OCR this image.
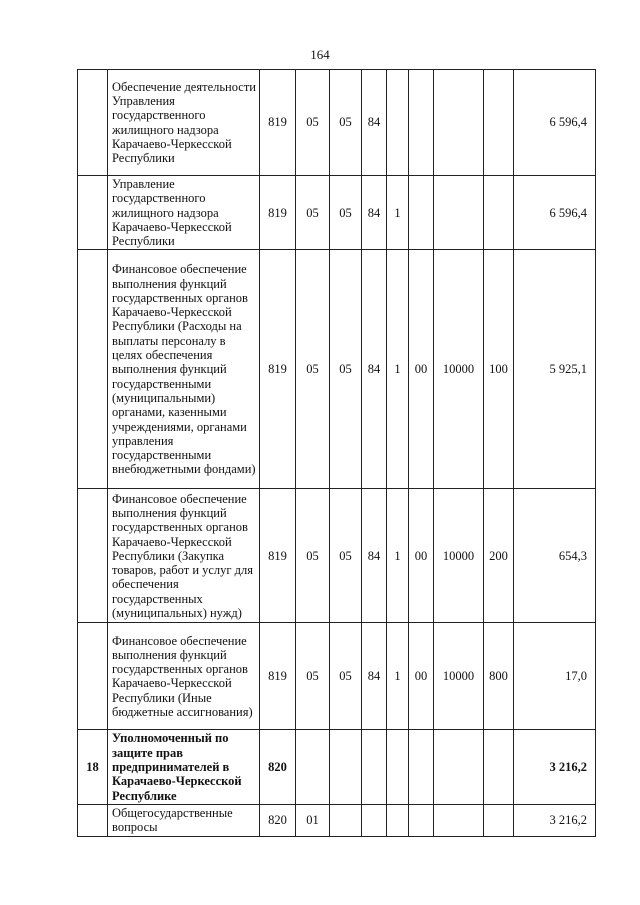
164
	Обеспечение деятельности Управления государственного жилищного надзора Карачаево-Черкесской Республики	819	05	05	84					6 596,4
	Управление государственного жилищного надзора Карачаево-Черкесской Республики	819	05	05	84	1				6 596,4
	Финансовое обеспечение выполнения функций государственных органов Карачаево-Черкесской Республики (Расходы на выплаты персоналу в целях обеспечения выполнения функций государственными (муниципальными) органами, казенными учреждениями, органами управления государственными внебюджетными фондами)	819	05	05	84	1	00	10000	100	5 925,1
	Финансовое обеспечение выполнения функций государственных органов Карачаево-Черкесской Республики (Закупка товаров, работ и услуг для обеспечения государственных (муниципальных) нужд)	819	05	05	84	1	00	10000	200	654,3
	Финансовое обеспечение выполнения функций государственных органов Карачаево-Черкесской Республики (Иные бюджетные ассигнования)	819	05	05	84	1	00	10000	800	17,0
18	Уполномоченный по защите прав предпринимателей в Карачаево-Черкесской Республике	820								3 216,2
	Общегосударственные вопросы	820	01							3 216,2
